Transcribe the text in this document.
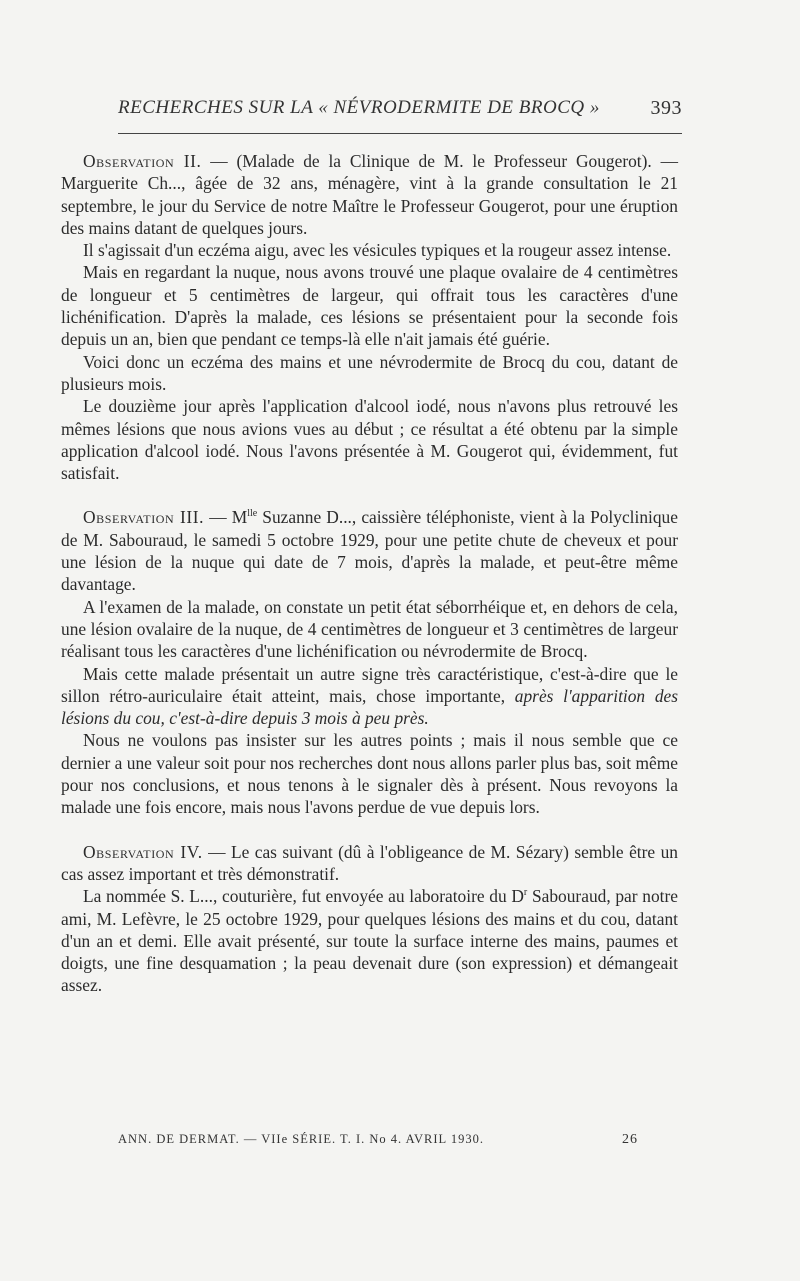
RECHERCHES SUR LA « NÉVRODERMITE DE BROCQ »	393

Observation II. — (Malade de la Clinique de M. le Professeur Gougerot). — Marguerite Ch..., âgée de 32 ans, ménagère, vint à la grande consultation le 21 septembre, le jour du Service de notre Maître le Professeur Gougerot, pour une éruption des mains datant de quelques jours.

Il s'agissait d'un eczéma aigu, avec les vésicules typiques et la rougeur assez intense.

Mais en regardant la nuque, nous avons trouvé une plaque ovalaire de 4 centimètres de longueur et 5 centimètres de largeur, qui offrait tous les caractères d'une lichénification. D'après la malade, ces lésions se présentaient pour la seconde fois depuis un an, bien que pendant ce temps-là elle n'ait jamais été guérie.

Voici donc un eczéma des mains et une névrodermite de Brocq du cou, datant de plusieurs mois.

Le douzième jour après l'application d'alcool iodé, nous n'avons plus retrouvé les mêmes lésions que nous avions vues au début ; ce résultat a été obtenu par la simple application d'alcool iodé. Nous l'avons présentée à M. Gougerot qui, évidemment, fut satisfait.

Observation III. — $M^{lle}$ Suzanne D..., caissière téléphoniste, vient à la Polyclinique de M. Sabouraud, le samedi 5 octobre 1929, pour une petite chute de cheveux et pour une lésion de la nuque qui date de 7 mois, d'après la malade, et peut-être même davantage.

A l'examen de la malade, on constate un petit état séborrhéique et, en dehors de cela, une lésion ovalaire de la nuque, de 4 centimètres de longueur et 3 centimètres de largeur réalisant tous les caractères d'une lichénification ou névrodermite de Brocq.

Mais cette malade présentait un autre signe très caractéristique, c'est-à-dire que le sillon rétro-auriculaire était atteint, mais, chose importante, après l'apparition des lésions du cou, c'est-à-dire depuis 3 mois à peu près.

Nous ne voulons pas insister sur les autres points ; mais il nous semble que ce dernier a une valeur soit pour nos recherches dont nous allons parler plus bas, soit même pour nos conclusions, et nous tenons à le signaler dès à présent. Nous revoyons la malade une fois encore, mais nous l'avons perdue de vue depuis lors.

Observation IV. — Le cas suivant (dû à l'obligeance de M. Sézary) semble être un cas assez important et très démonstratif.

La nommée S. L..., couturière, fut envoyée au laboratoire du $D^r$ Sabouraud, par notre ami, M. Lefèvre, le 25 octobre 1929, pour quelques lésions des mains et du cou, datant d'un an et demi. Elle avait présenté, sur toute la surface interne des mains, paumes et doigts, une fine desquamation ; la peau devenait dure (son expression) et démangeait assez.

ANN. DE DERMAT. — VIIe SÉRIE. T. I. No 4. AVRIL 1930.	26
